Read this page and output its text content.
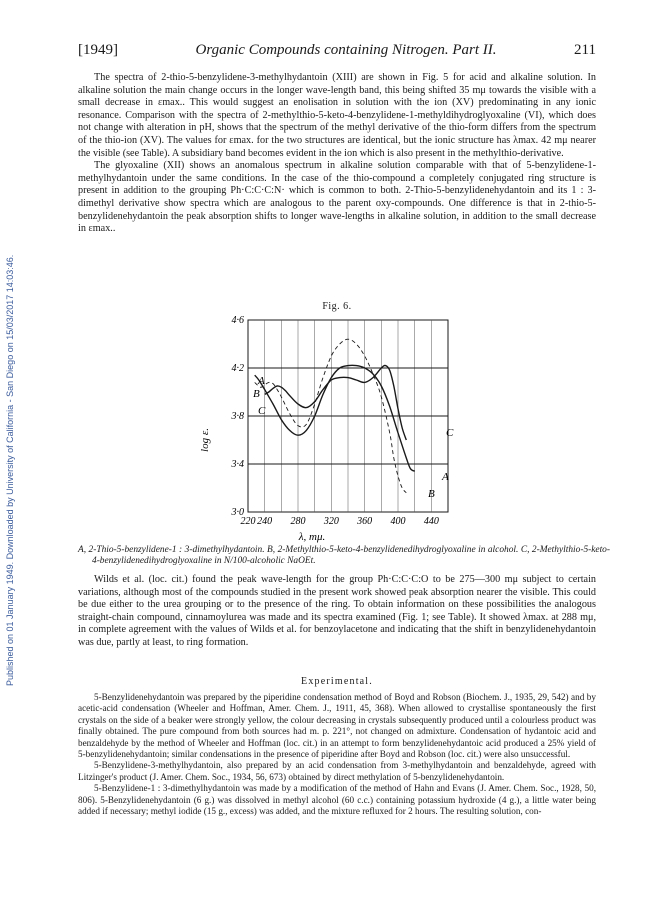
Published on 01 January 1949. Downloaded by University of California - San Diego on 15/03/2017 14:03:46.
[1949]	Organic Compounds containing Nitrogen. Part II.	211

The spectra of 2-thio-5-benzylidene-3-methylhydantoin (XIII) are shown in Fig. 5 for acid and alkaline solution. In alkaline solution the main change occurs in the longer wave-length band, this being shifted 35 mμ towards the visible with a small decrease in εmax.. This would suggest an enolisation in solution with the ion (XV) predominating in any ionic resonance. Comparison with the spectra of 2-methylthio-5-keto-4-benzylidene-1-methyldihydroglyoxaline (VI), which does not change with alteration in pH, shows that the spectrum of the methyl derivative of the thio-form differs from the spectrum of the thio-ion (XV). The values for εmax. for the two structures are identical, but the ionic structure has λmax. 42 mμ nearer the visible (see Table). A subsidiary band becomes evident in the ion which is also present in the methylthio-derivative.

The glyoxaline (XII) shows an anomalous spectrum in alkaline solution comparable with that of 5-benzylidene-1-methylhydantoin under the same conditions. In the case of the thio-compound a completely conjugated ring structure is present in addition to the grouping Ph·C:C·C:N· which is common to both. 2-Thio-5-benzylidenehydantoin and its 1 : 3-dimethyl derivative show spectra which are analogous to the parent oxy-compounds. One difference is that in 2-thio-5-benzylidenehydantoin the peak absorption shifts to longer wave-lengths in alkaline solution, in addition to the small decrease in εmax..

Fig. 6.
220 240 280 320 360 400 440
4·6
4·2
3·8
3·4
3·0
log ε.
λ, mμ.
A
B
C
C
A
B
A, 2-Thio-5-benzylidene-1 : 3-dimethylhydantoin. B, 2-Methylthio-5-keto-4-benzylidenedihydroglyoxaline in alcohol. C, 2-Methylthio-5-keto-4-benzylidenedihydroglyoxaline in N/100-alcoholic NaOEt.

Wilds et al. (loc. cit.) found the peak wave-length for the group Ph·C:C·C:O to be 275—300 mμ subject to certain variations, although most of the compounds studied in the present work showed peak absorption nearer the visible. This could be due either to the urea grouping or to the presence of the ring. To obtain information on these possibilities the analogous straight-chain compound, cinnamoylurea was made and its spectra examined (Fig. 1; see Table). It showed λmax. at 288 mμ, in complete agreement with the values of Wilds et al. for benzoylacetone and indicating that the shift in benzylidenehydantoin was due, partly at least, to ring formation.

Experimental.

5-Benzylidenehydantoin was prepared by the piperidine condensation method of Boyd and Robson (Biochem. J., 1935, 29, 542) and by acetic-acid condensation (Wheeler and Hoffman, Amer. Chem. J., 1911, 45, 368). When allowed to crystallise spontaneously the first crystals on the side of a beaker were strongly yellow, the colour decreasing in crystals subsequently produced until a colourless product was finally obtained. The pure compound from both sources had m. p. 221°, not changed on admixture. Condensation of hydantoic acid and benzaldehyde by the method of Wheeler and Hoffman (loc. cit.) in an attempt to form benzylidenehydantoic acid produced a 25% yield of 5-benzylidenehydantoin; similar condensations in the presence of piperidine after Boyd and Robson (loc. cit.) were also unsuccessful.

5-Benzylidene-3-methylhydantoin, also prepared by an acid condensation from 3-methylhydantoin and benzaldehyde, agreed with Litzinger's product (J. Amer. Chem. Soc., 1934, 56, 673) obtained by direct methylation of 5-benzylidenehydantoin.

5-Benzylidene-1 : 3-dimethylhydantoin was made by a modification of the method of Hahn and Evans (J. Amer. Chem. Soc., 1928, 50, 806). 5-Benzylidenehydantoin (6 g.) was dissolved in methyl alcohol (60 c.c.) containing potassium hydroxide (4 g.), a little water being added if necessary; methyl iodide (15 g., excess) was added, and the mixture refluxed for 2 hours. The resulting solution, con-
